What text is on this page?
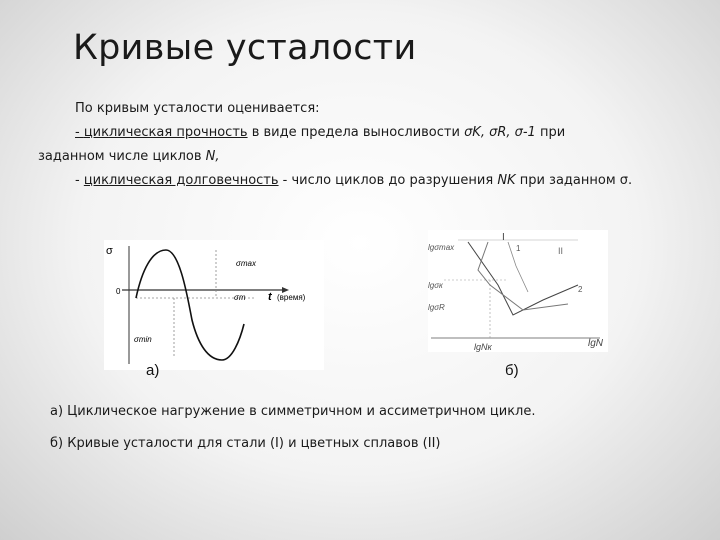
Кривые усталости
По кривым усталости оценивается:
- циклическая прочность в виде предела выносливости σK, σR, σ-1 при
заданном числе циклов N,
- циклическая долговечность - число циклов до разрушения NK при заданном σ.
σ
0
σmax
σm
σmin
t (время)
а)
lgσmax
lgσк
lgσR
lgNк	lgN
I
II
1
2
б)
а) Циклическое нагружение в симметричном и ассиметричном цикле.
б) Кривые усталости для стали (I) и цветных сплавов (II)
